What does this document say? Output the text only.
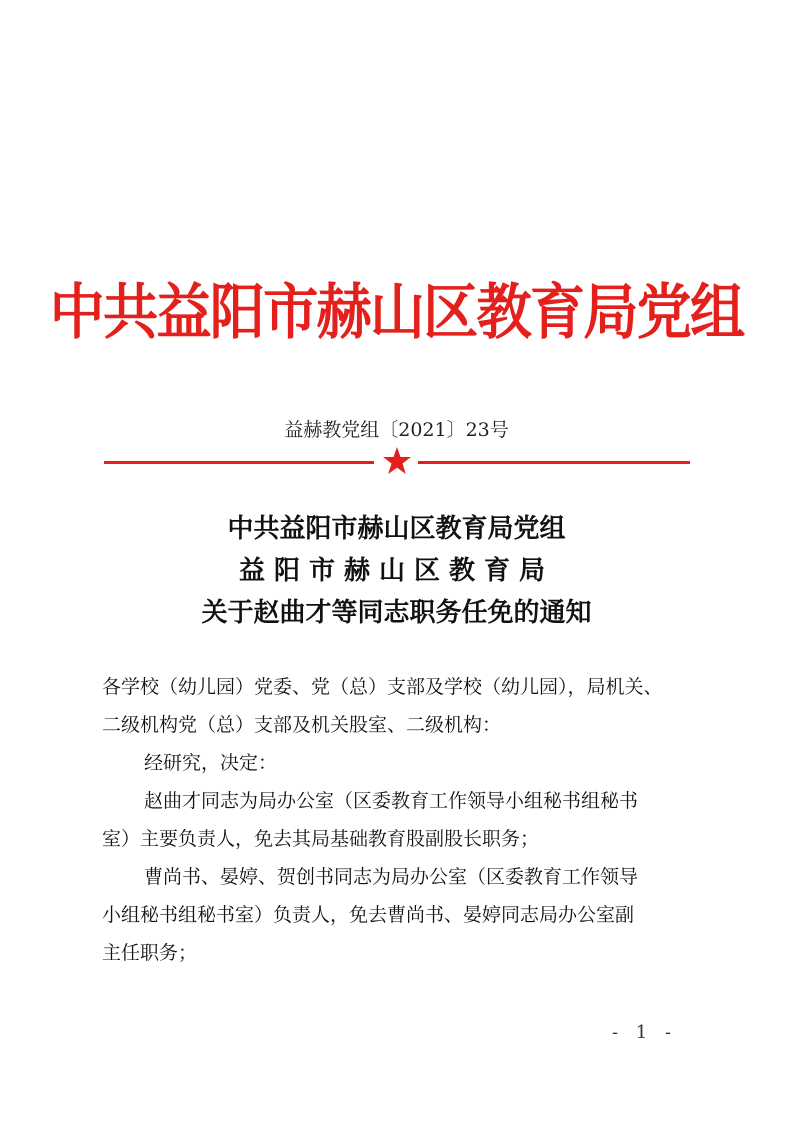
中共益阳市赫山区教育局党组
益赫教党组〔2021〕23号
中共益阳市赫山区教育局党组
益阳市赫山区教育局
关于赵曲才等同志职务任免的通知

各学校（幼儿园）党委、党（总）支部及学校（幼儿园），局机关、

二级机构党（总）支部及机关股室、二级机构：

经研究，决定：

赵曲才同志为局办公室（区委教育工作领导小组秘书组秘书

室）主要负责人，免去其局基础教育股副股长职务；

曹尚书、晏婷、贺创书同志为局办公室（区委教育工作领导

小组秘书组秘书室）负责人，免去曹尚书、晏婷同志局办公室副

主任职务；

- 1 -
